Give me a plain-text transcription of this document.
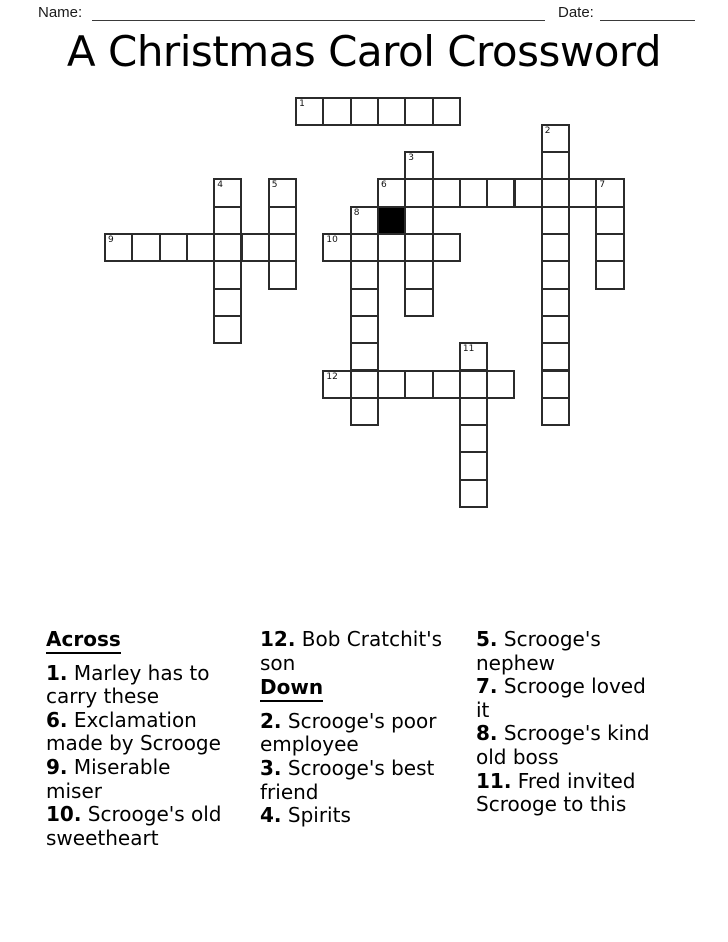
Name:	Date:
A Christmas Carol Crossword
1
2
3
4	5	6	7
8
9	10
11
12
Across
1. Marley has to carry these
6. Exclamation made by Scrooge
9. Miserable miser
10. Scrooge's old sweetheart
12. Bob Cratchit's son
Down
2. Scrooge's poor employee
3. Scrooge's best friend
4. Spirits
5. Scrooge's nephew
7. Scrooge loved it
8. Scrooge's kind old boss
11. Fred invited Scrooge to this
